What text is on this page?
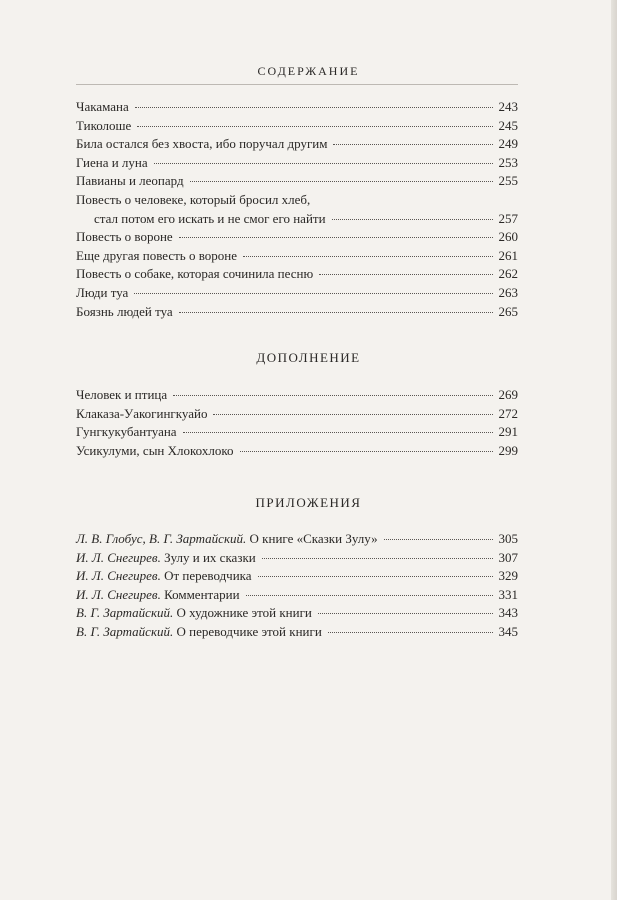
СОДЕРЖАНИЕ
Чакамана	243
Тиколоше	245
Била остался без хвоста, ибо поручал другим	249
Гиена и луна	253
Павианы и леопард	255
Повесть о человеке, который бросил хлеб,
стал потом его искать и не смог его найти	257
Повесть о вороне	260
Еще другая повесть о вороне	261
Повесть о собаке, которая сочинила песню	262
Люди туа	263
Боязнь людей туа	265
ДОПОЛНЕНИЕ
Человек и птица	269
Клаказа-Уакогингкуайо	272
Гунгкукубантуана	291
Усикулуми, сын Хлокохлоко	299
ПРИЛОЖЕНИЯ
Л. В. Глобус, В. Г. Зартайский. О книге «Сказки Зулу»	305
И. Л. Снегирев. Зулу и их сказки	307
И. Л. Снегирев. От переводчика	329
И. Л. Снегирев. Комментарии	331
В. Г. Зартайский. О художнике этой книги	343
В. Г. Зартайский. О переводчике этой книги	345
